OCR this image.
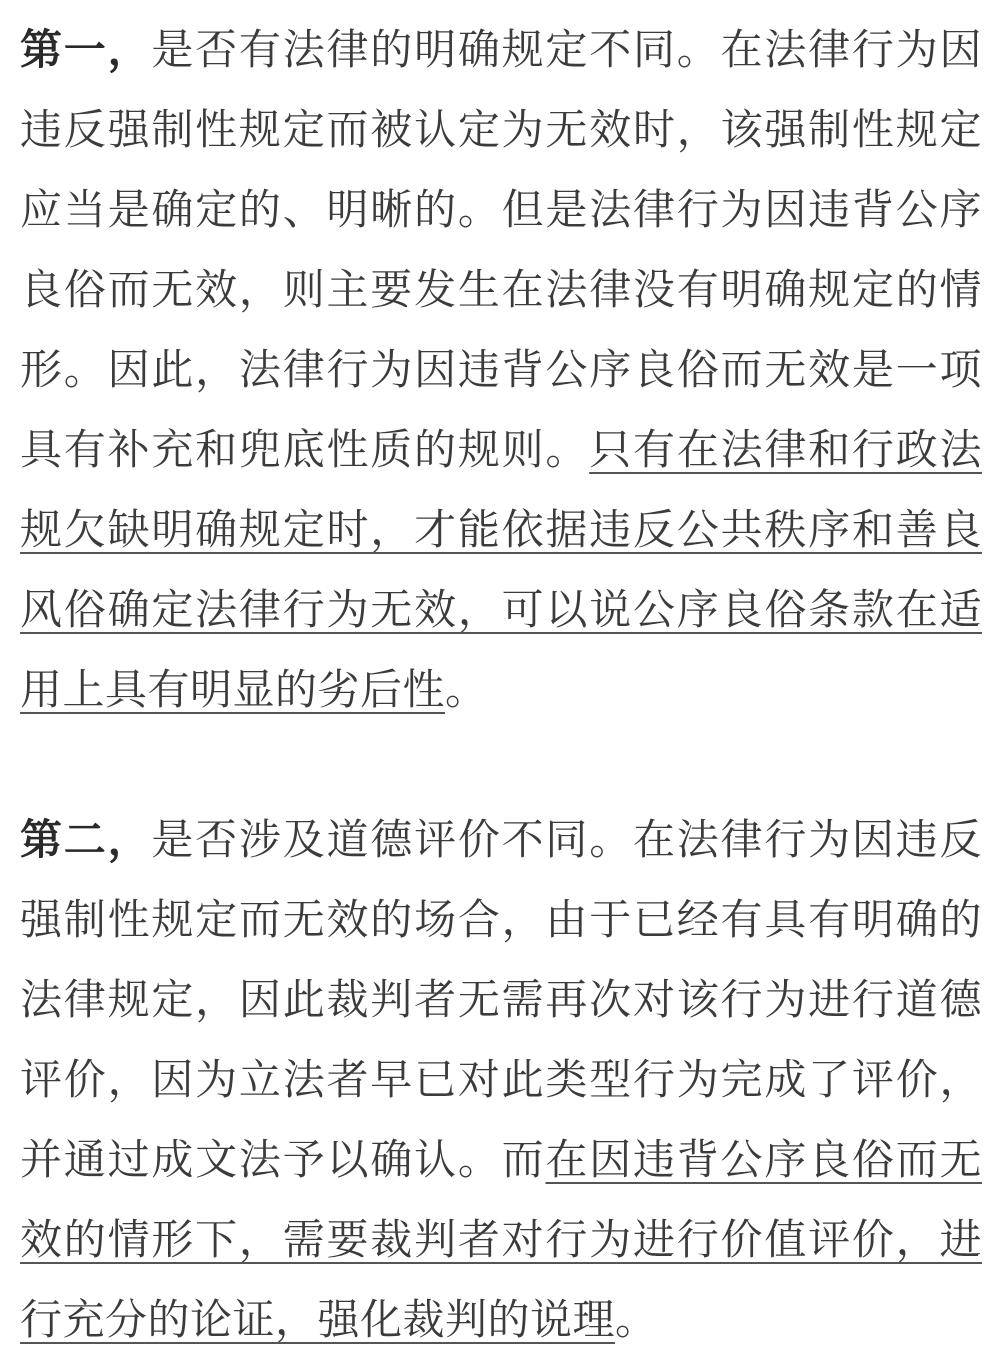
第一，是否有法律的明确规定不同。在法律行为因违反强制性规定而被认定为无效时，该强制性规定应当是确定的、明晰的。但是法律行为因违背公序良俗而无效，则主要发生在法律没有明确规定的情形。因此，法律行为因违背公序良俗而无效是一项具有补充和兜底性质的规则。只有在法律和行政法规欠缺明确规定时，才能依据违反公共秩序和善良风俗确定法律行为无效，可以说公序良俗条款在适用上具有明显的劣后性。

第二，是否涉及道德评价不同。在法律行为因违反强制性规定而无效的场合，由于已经有具有明确的法律规定，因此裁判者无需再次对该行为进行道德评价，因为立法者早已对此类型行为完成了评价，并通过成文法予以确认。而在因违背公序良俗而无效的情形下，需要裁判者对行为进行价值评价，进行充分的论证，强化裁判的说理。
